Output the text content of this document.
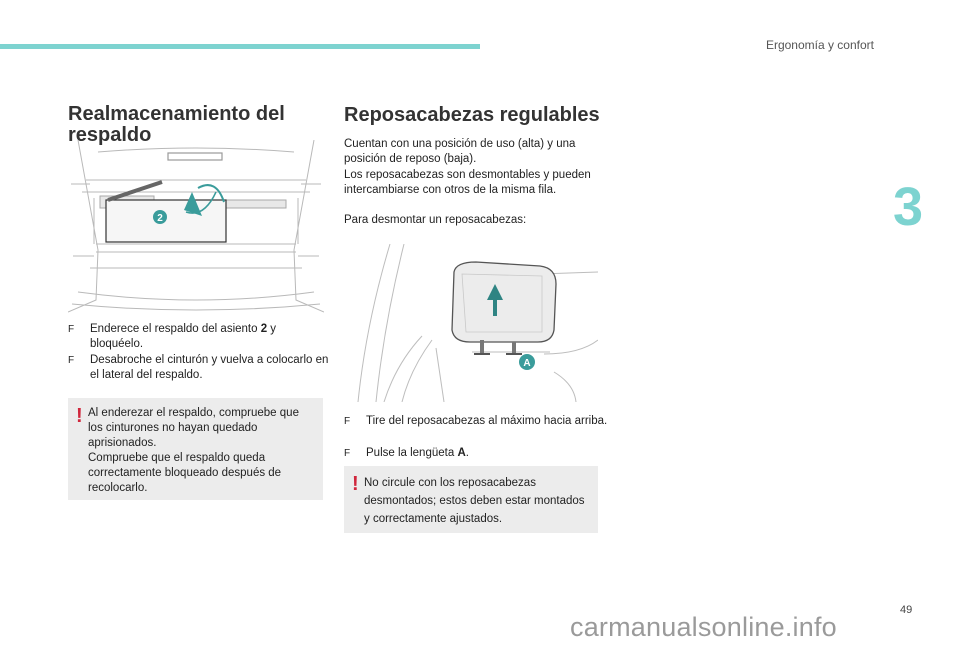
Ergonomía y confort
3
Realmacenamiento del respaldo
2
F Enderece el respaldo del asiento 2 y bloquéelo.
F Desabroche el cinturón y vuelva a colocarlo en el lateral del respaldo.
! Al enderezar el respaldo, compruebe que los cinturones no hayan quedado aprisionados.
Compruebe que el respaldo queda correctamente bloqueado después de recolocarlo.
Reposacabezas regulables

Cuentan con una posición de uso (alta) y una posición de reposo (baja).

Los reposacabezas son desmontables y pueden intercambiarse con otros de la misma fila.

Para desmontar un reposacabezas:

A
F Tire del reposacabezas al máximo hacia arriba.
F Pulse la lengüeta A.
! No circule con los reposacabezas desmontados; estos deben estar montados y correctamente ajustados.
49
carmanualsonline.info
